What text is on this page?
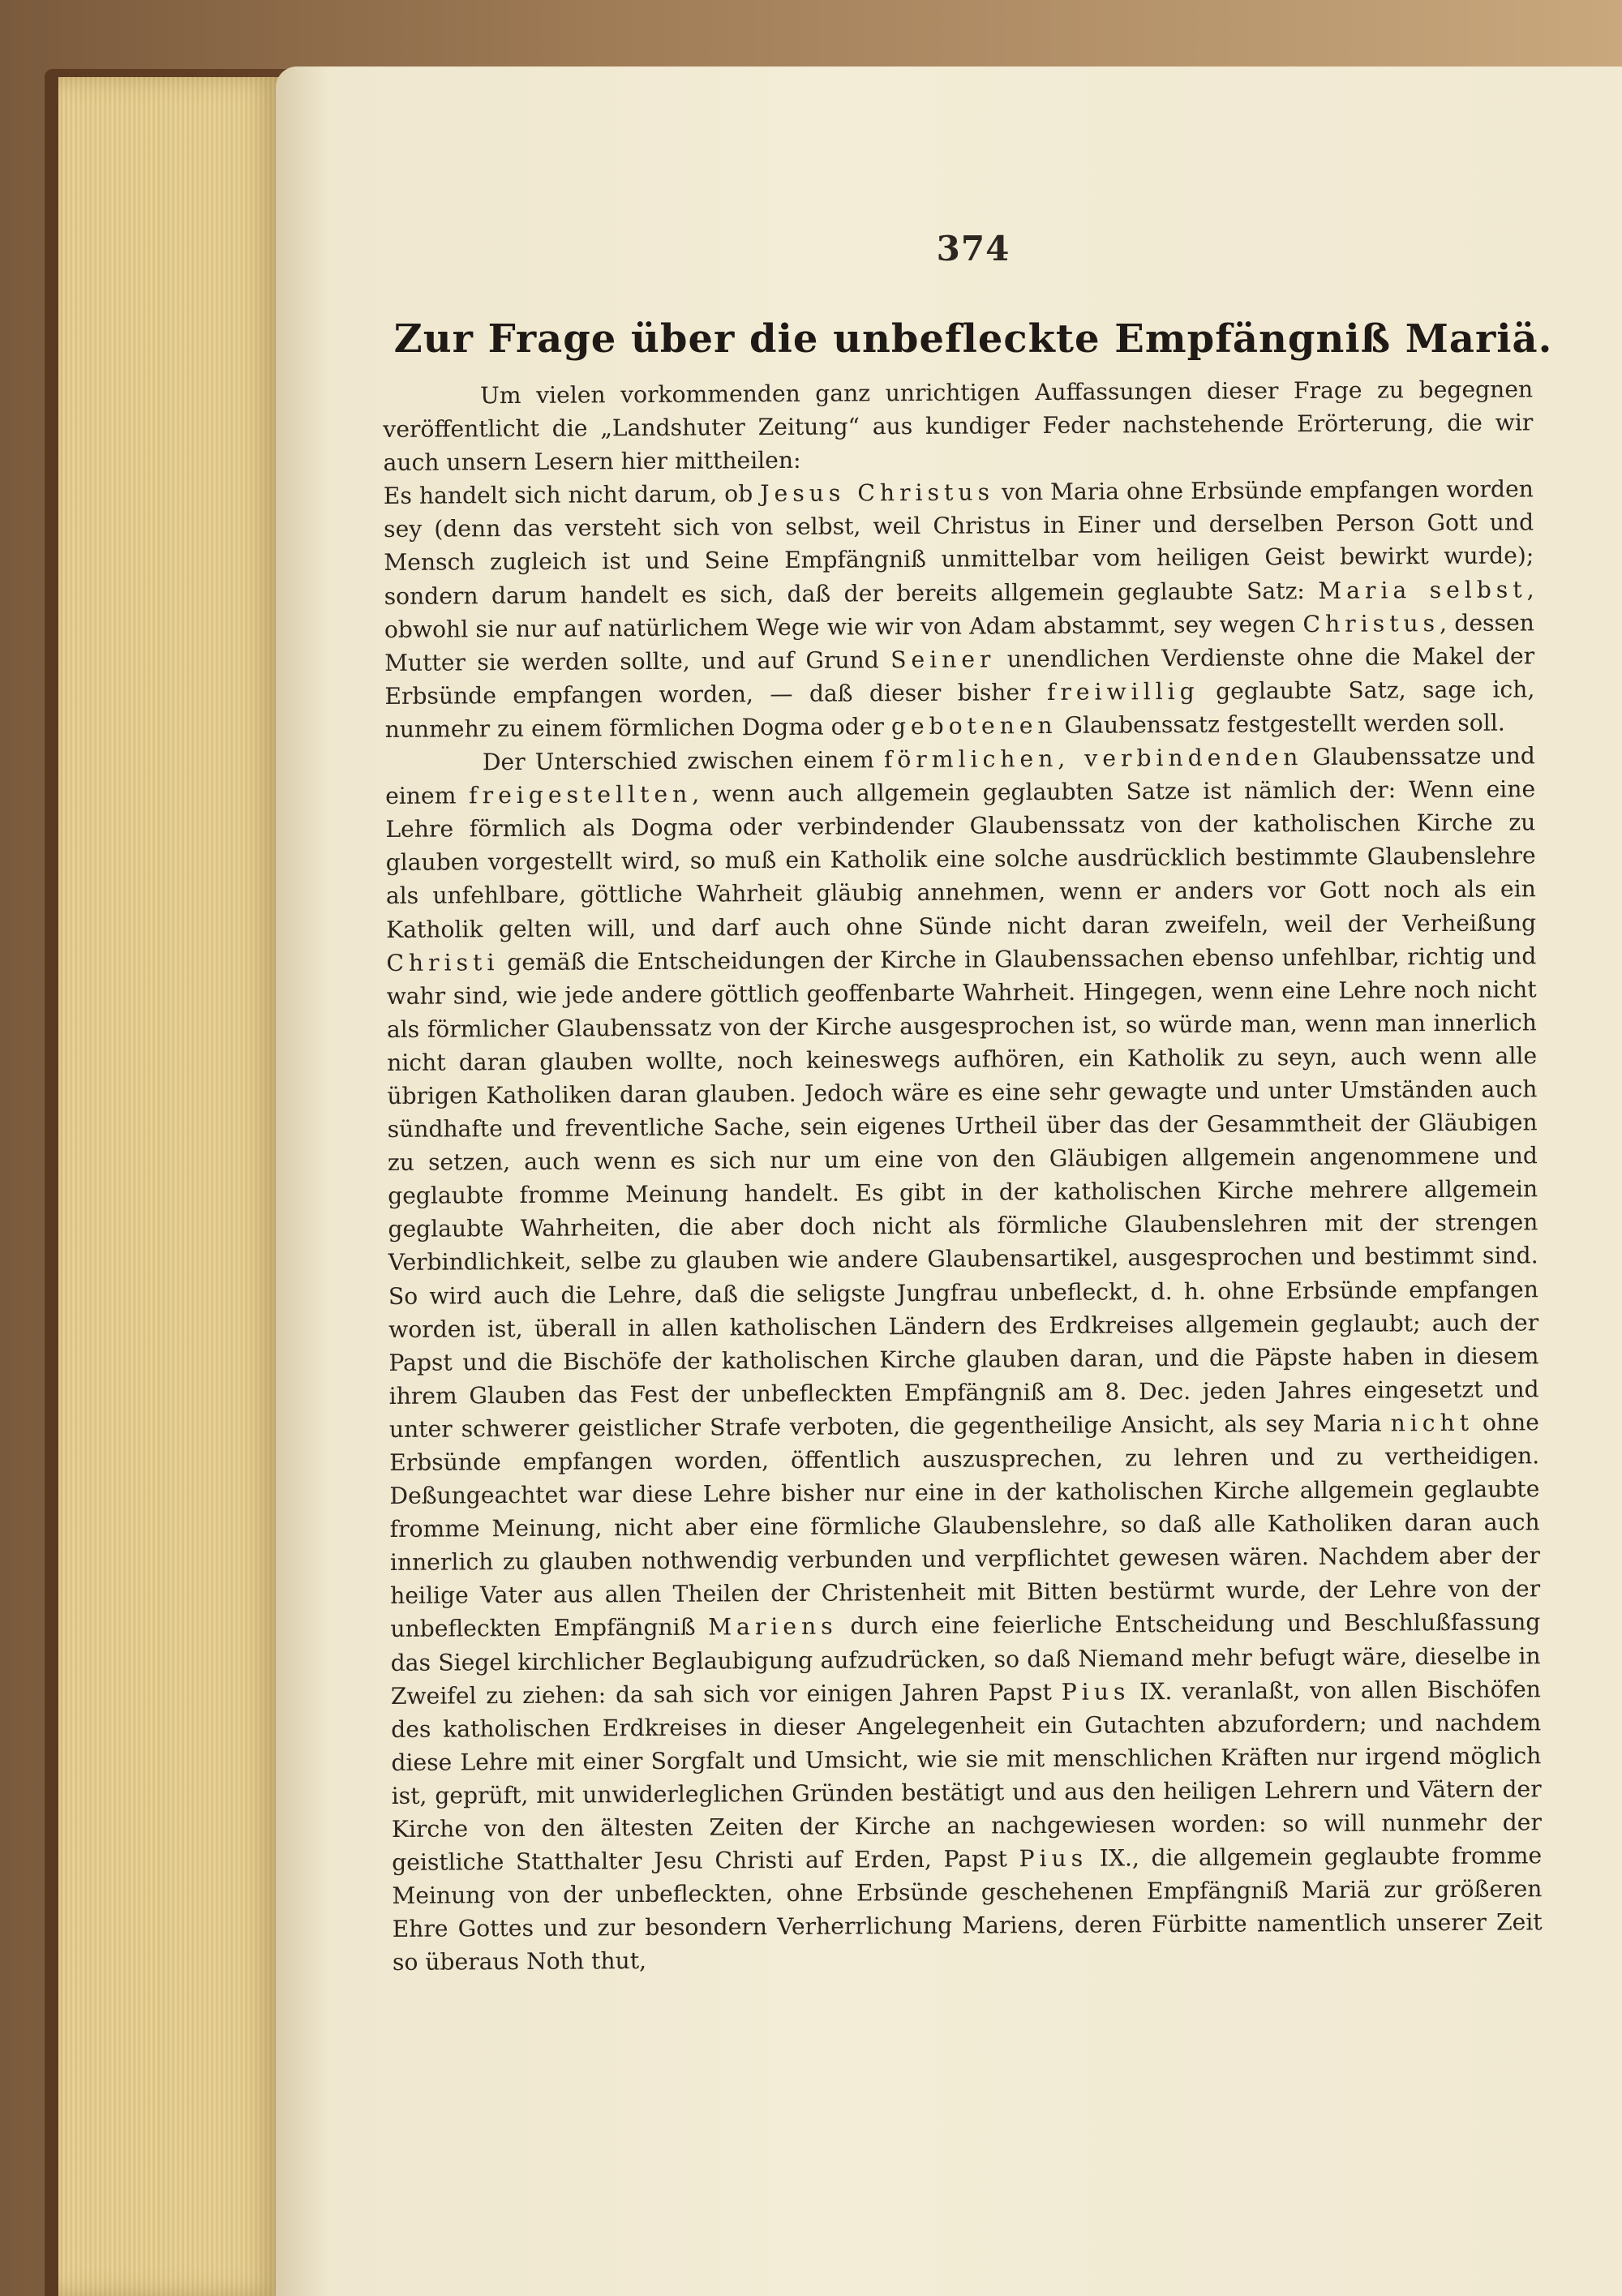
374
Zur Frage über die unbefleckte Empfängniß Mariä.

Um vielen vorkommenden ganz unrichtigen Auffassungen dieser Frage zu begegnen veröffentlicht die „Landshuter Zeitung“ aus kundiger Feder nachstehende Erörterung, die wir auch unsern Lesern hier mittheilen:

Es handelt sich nicht darum, ob Jesus Christus von Maria ohne Erbsünde empfangen worden sey (denn das versteht sich von selbst, weil Christus in Einer und derselben Person Gott und Mensch zugleich ist und Seine Empfängniß unmittelbar vom heiligen Geist bewirkt wurde); sondern darum handelt es sich, daß der bereits allgemein geglaubte Satz: Maria selbst, obwohl sie nur auf natürlichem Wege wie wir von Adam abstammt, sey wegen Christus, dessen Mutter sie werden sollte, und auf Grund Seiner unendlichen Verdienste ohne die Makel der Erbsünde empfangen worden, — daß dieser bisher freiwillig geglaubte Satz, sage ich, nunmehr zu einem förmlichen Dogma oder gebotenen Glaubenssatz festgestellt werden soll.

Der Unterschied zwischen einem förmlichen, verbindenden Glaubenssatze und einem freigestellten, wenn auch allgemein geglaubten Satze ist nämlich der: Wenn eine Lehre förmlich als Dogma oder verbindender Glaubenssatz von der katholischen Kirche zu glauben vorgestellt wird, so muß ein Katholik eine solche ausdrücklich bestimmte Glaubenslehre als unfehlbare, göttliche Wahrheit gläubig annehmen, wenn er anders vor Gott noch als ein Katholik gelten will, und darf auch ohne Sünde nicht daran zweifeln, weil der Verheißung Christi gemäß die Entscheidungen der Kirche in Glaubenssachen ebenso unfehlbar, richtig und wahr sind, wie jede andere göttlich geoffenbarte Wahrheit. Hingegen, wenn eine Lehre noch nicht als förmlicher Glaubenssatz von der Kirche ausgesprochen ist, so würde man, wenn man innerlich nicht daran glauben wollte, noch keineswegs aufhören, ein Katholik zu seyn, auch wenn alle übrigen Katholiken daran glauben. Jedoch wäre es eine sehr gewagte und unter Umständen auch sündhafte und freventliche Sache, sein eigenes Urtheil über das der Gesammtheit der Gläubigen zu setzen, auch wenn es sich nur um eine von den Gläubigen allgemein angenommene und geglaubte fromme Meinung handelt. Es gibt in der katholischen Kirche mehrere allgemein geglaubte Wahrheiten, die aber doch nicht als förmliche Glaubenslehren mit der strengen Verbindlichkeit, selbe zu glauben wie andere Glaubensartikel, ausgesprochen und bestimmt sind. So wird auch die Lehre, daß die seligste Jungfrau unbefleckt, d. h. ohne Erbsünde empfangen worden ist, überall in allen katholischen Ländern des Erdkreises allgemein geglaubt; auch der Papst und die Bischöfe der katholischen Kirche glauben daran, und die Päpste haben in diesem ihrem Glauben das Fest der unbefleckten Empfängniß am 8. Dec. jeden Jahres eingesetzt und unter schwerer geistlicher Strafe verboten, die gegentheilige Ansicht, als sey Maria nicht ohne Erbsünde empfangen worden, öffentlich auszusprechen, zu lehren und zu vertheidigen. Deßungeachtet war diese Lehre bisher nur eine in der katholischen Kirche allgemein geglaubte fromme Meinung, nicht aber eine förmliche Glaubenslehre, so daß alle Katholiken daran auch innerlich zu glauben nothwendig verbunden und verpflichtet gewesen wären. Nachdem aber der heilige Vater aus allen Theilen der Christenheit mit Bitten bestürmt wurde, der Lehre von der unbefleckten Empfängniß Mariens durch eine feierliche Entscheidung und Beschlußfassung das Siegel kirchlicher Beglaubigung aufzudrücken, so daß Niemand mehr befugt wäre, dieselbe in Zweifel zu ziehen: da sah sich vor einigen Jahren Papst Pius IX. veranlaßt, von allen Bischöfen des katholischen Erdkreises in dieser Angelegenheit ein Gutachten abzufordern; und nachdem diese Lehre mit einer Sorgfalt und Umsicht, wie sie mit menschlichen Kräften nur irgend möglich ist, geprüft, mit unwiderleglichen Gründen bestätigt und aus den heiligen Lehrern und Vätern der Kirche von den ältesten Zeiten der Kirche an nachgewiesen worden: so will nunmehr der geistliche Statthalter Jesu Christi auf Erden, Papst Pius IX., die allgemein geglaubte fromme Meinung von der unbefleckten, ohne Erbsünde geschehenen Empfängniß Mariä zur größeren Ehre Gottes und zur besondern Verherrlichung Mariens, deren Fürbitte namentlich unserer Zeit so überaus Noth thut,
